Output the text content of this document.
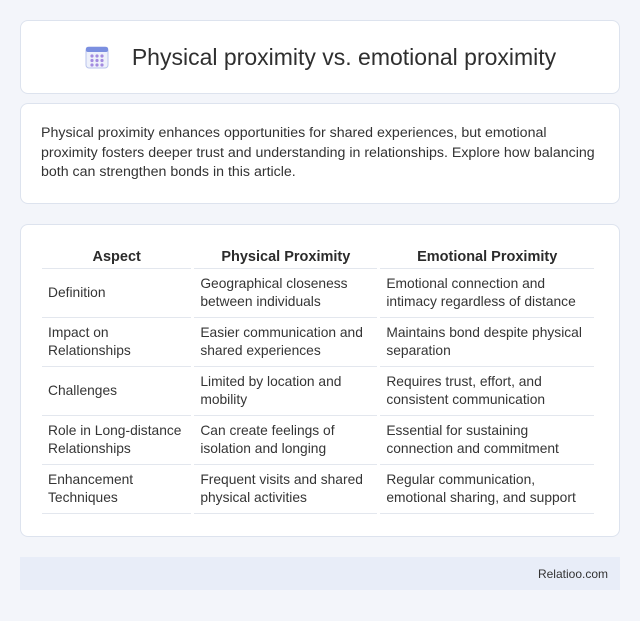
Physical proximity vs. emotional proximity

Physical proximity enhances opportunities for shared experiences, but emotional proximity fosters deeper trust and understanding in relationships. Explore how balancing both can strengthen bonds in this article.

Aspect	Physical Proximity	Emotional Proximity
Definition	Geographical closeness between individuals	Emotional connection and intimacy regardless of distance
Impact on Relationships	Easier communication and shared experiences	Maintains bond despite physical separation
Challenges	Limited by location and mobility	Requires trust, effort, and consistent communication
Role in Long-distance Relationships	Can create feelings of isolation and longing	Essential for sustaining connection and commitment
Enhancement Techniques	Frequent visits and shared physical activities	Regular communication, emotional sharing, and support
Relatioo.com
